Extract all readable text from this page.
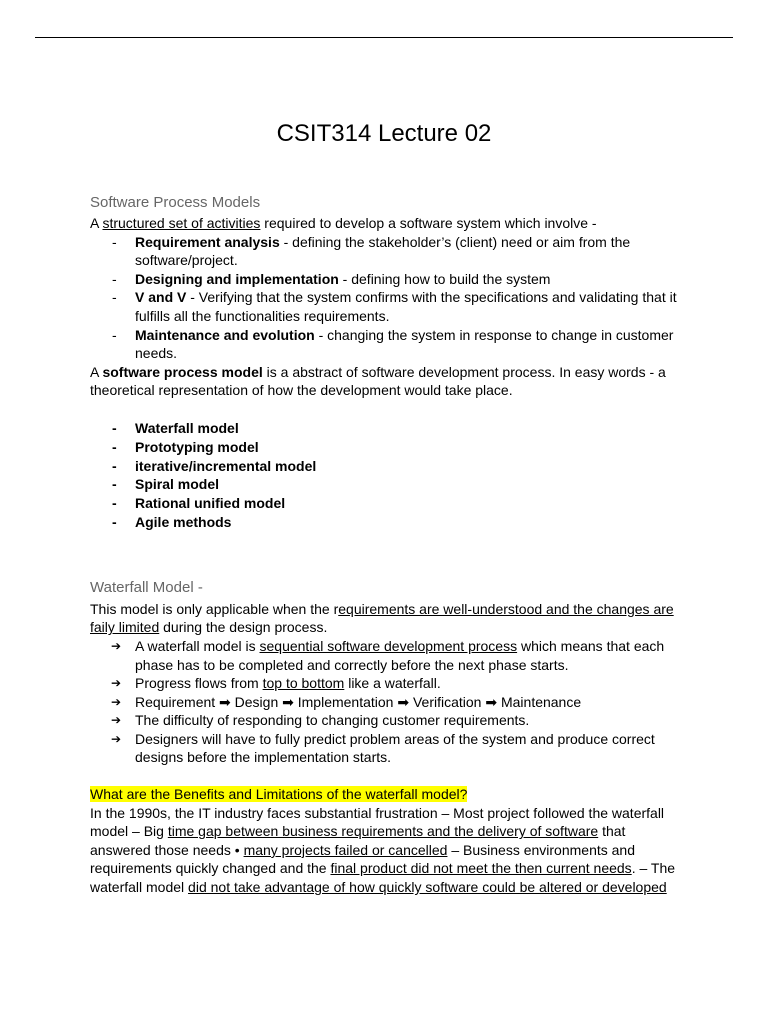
CSIT314 Lecture 02
Software Process Models

A structured set of activities required to develop a software system which involve -

-	Requirement analysis - defining the stakeholder’s (client) need or aim from the software/project.
-	Designing and implementation - defining how to build the system
-	V and V - Verifying that the system confirms with the specifications and validating that it fulfills all the functionalities requirements.
-	Maintenance and evolution - changing the system in response to change in customer needs.

A software process model is a abstract of software development process. In easy words - a theoretical representation of how the development would take place.

-	Waterfall model
-	Prototyping model
-	iterative/incremental model
-	Spiral model
-	Rational unified model
-	Agile methods
Waterfall Model -

This model is only applicable when the requirements are well-understood and the changes are faily limited during the design process.

➔ A waterfall model is sequential software development process which means that each phase has to be completed and correctly before the next phase starts.
➔ Progress flows from top to bottom like a waterfall.
➔ Requirement ➡ Design ➡ Implementation ➡ Verification ➡ Maintenance
➔ The difficulty of responding to changing customer requirements.
➔ Designers will have to fully predict problem areas of the system and produce correct designs before the implementation starts.

What are the Benefits and Limitations of the waterfall model?

In the 1990s, the IT industry faces substantial frustration – Most project followed the waterfall model – Big time gap between business requirements and the delivery of software that answered those needs • many projects failed or cancelled – Business environments and requirements quickly changed and the final product did not meet the then current needs. – The waterfall model did not take advantage of how quickly software could be altered or developed
